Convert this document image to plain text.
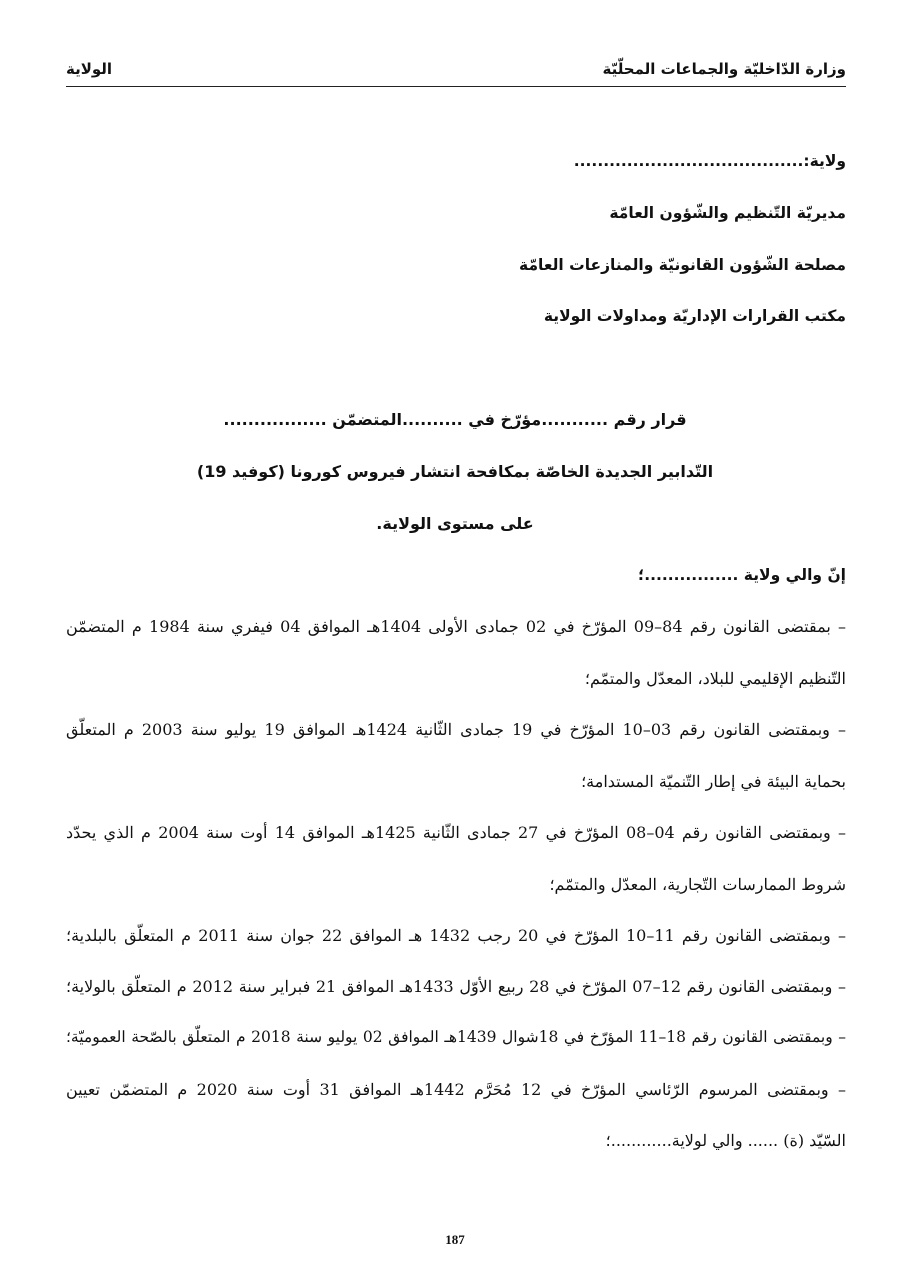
وزارة الدّاخليّة والجماعات المحلّيّة
الولاية
ولاية:.......................................
مديريّة التّنظيم والشّؤون العامّة
مصلحة الشّؤون القانونيّة والمنازعات العامّة
مكتب القرارات الإداريّة ومداولات الولاية
قرار رقم ...........مؤرّخ في ..........المتضمّن .................
التّدابير الجديدة الخاصّة بمكافحة انتشار فيروس كورونا (كوفيد 19)
على مستوى الولاية.
إنّ والي ولاية ................؛
– بمقتضى القانون رقم 84–09 المؤرّخ في 02 جمادى الأولى 1404هـ الموافق 04 فيفري سنة 1984 م المتضمّن
التّنظيم الإقليمي للبلاد، المعدّل والمتمّم؛
– وبمقتضى القانون رقم 03–10 المؤرّخ في 19 جمادى الثّانية 1424هـ الموافق 19 يوليو سنة 2003 م المتعلّق
بحماية البيئة في إطار التّنميّة المستدامة؛
– وبمقتضى القانون رقم 04–08 المؤرّخ في 27 جمادى الثّانية 1425هـ الموافق 14 أوت سنة 2004 م الذي يحدّد
شروط الممارسات التّجارية، المعدّل والمتمّم؛
– وبمقتضى القانون رقم 11–10 المؤرّخ في 20 رجب 1432 هـ الموافق 22 جوان سنة 2011 م المتعلّق بالبلدية؛
– وبمقتضى القانون رقم 12–07 المؤرّخ في 28 ربيع الأوّل 1433هـ الموافق 21 فبراير سنة 2012 م المتعلّق بالولاية؛
– وبمقتضى القانون رقم 18–11 المؤرّخ في 18شوال 1439هـ الموافق 02 يوليو سنة 2018 م المتعلّق بالصّحة العموميّة؛
– وبمقتضى المرسوم الرّئاسي المؤرّخ في 12 مُحَرَّم 1442هـ الموافق 31 أوت سنة 2020 م المتضمّن تعيين
السّيّد (ة) ...... والي لولاية............؛
187
